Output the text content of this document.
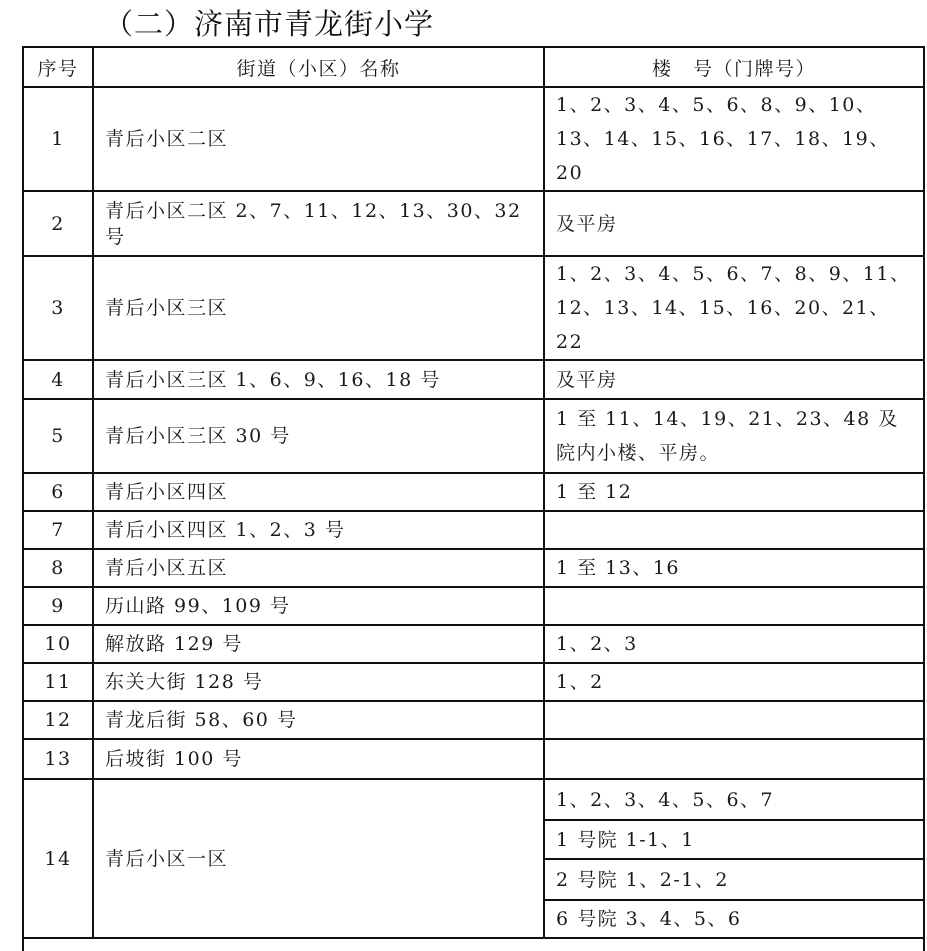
（二）济南市青龙街小学
序号	街道（小区）名称	楼　号（门牌号）
1	青后小区二区	1、2、3、4、5、6、8、9、10、13、14、15、16、17、18、19、20
2	青后小区二区 2、7、11、12、13、30、32 号	及平房
3	青后小区三区	1、2、3、4、5、6、7、8、9、11、12、13、14、15、16、20、21、22
4	青后小区三区 1、6、9、16、18 号	及平房
5	青后小区三区 30 号	1 至 11、14、19、21、23、48 及院内小楼、平房。
6	青后小区四区	1 至 12
7	青后小区四区 1、2、3 号	
8	青后小区五区	1 至 13、16
9	历山路 99、109 号	
10	解放路 129 号	1、2、3
11	东关大街 128 号	1、2
12	青龙后街 58、60 号	
13	后坡街 100 号	
14	青后小区一区	1、2、3、4、5、6、7
		1 号院 1-1、1
		2 号院 1、2-1、2
		6 号院 3、4、5、6
